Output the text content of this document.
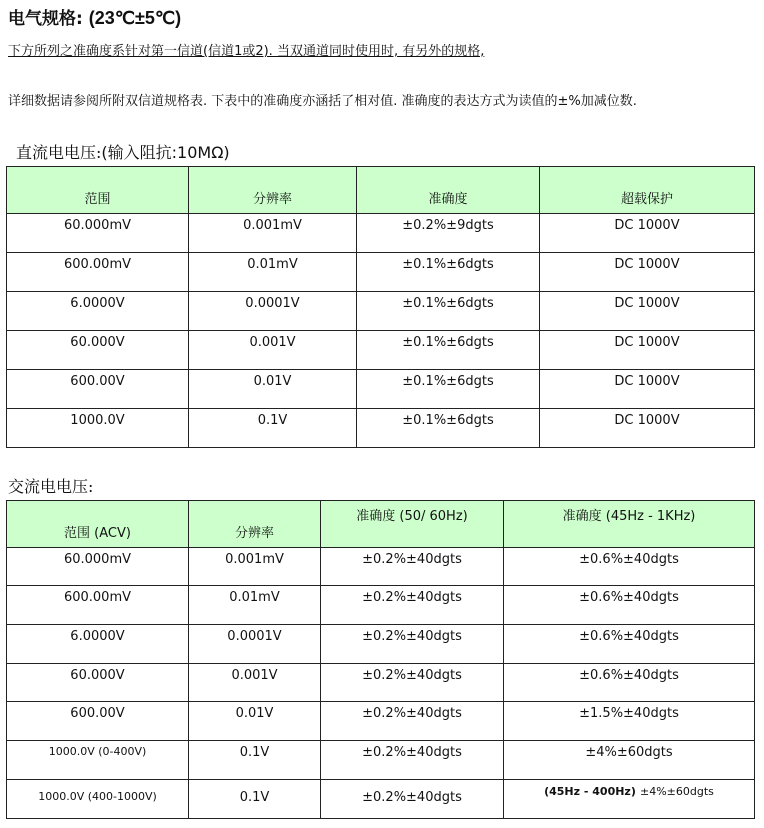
电气规格: (23℃±5℃)
下方所列之准确度系针对第一信道(信道1或2). 当双通道同时使用时, 有另外的规格,
详细数据请参阅所附双信道规格表. 下表中的准确度亦涵括了相对值. 准确度的表达方式为读值的±%加减位数.
直流电电压:(输入阻抗:10MΩ)
范围	分辨率	准确度	超载保护
60.000mV	0.001mV	±0.2%±9dgts	DC 1000V
600.00mV	0.01mV	±0.1%±6dgts	DC 1000V
6.0000V	0.0001V	±0.1%±6dgts	DC 1000V
60.000V	0.001V	±0.1%±6dgts	DC 1000V
600.00V	0.01V	±0.1%±6dgts	DC 1000V
1000.0V	0.1V	±0.1%±6dgts	DC 1000V
交流电电压:
范围 (ACV)	分辨率	准确度 (50/ 60Hz)	准确度 (45Hz - 1KHz)
60.000mV	0.001mV	±0.2%±40dgts	±0.6%±40dgts
600.00mV	0.01mV	±0.2%±40dgts	±0.6%±40dgts
6.0000V	0.0001V	±0.2%±40dgts	±0.6%±40dgts
60.000V	0.001V	±0.2%±40dgts	±0.6%±40dgts
600.00V	0.01V	±0.2%±40dgts	±1.5%±40dgts
1000.0V (0-400V)	0.1V	±0.2%±40dgts	±4%±60dgts
1000.0V (400-1000V)	0.1V	±0.2%±40dgts	(45Hz - 400Hz) ±4%±60dgts
